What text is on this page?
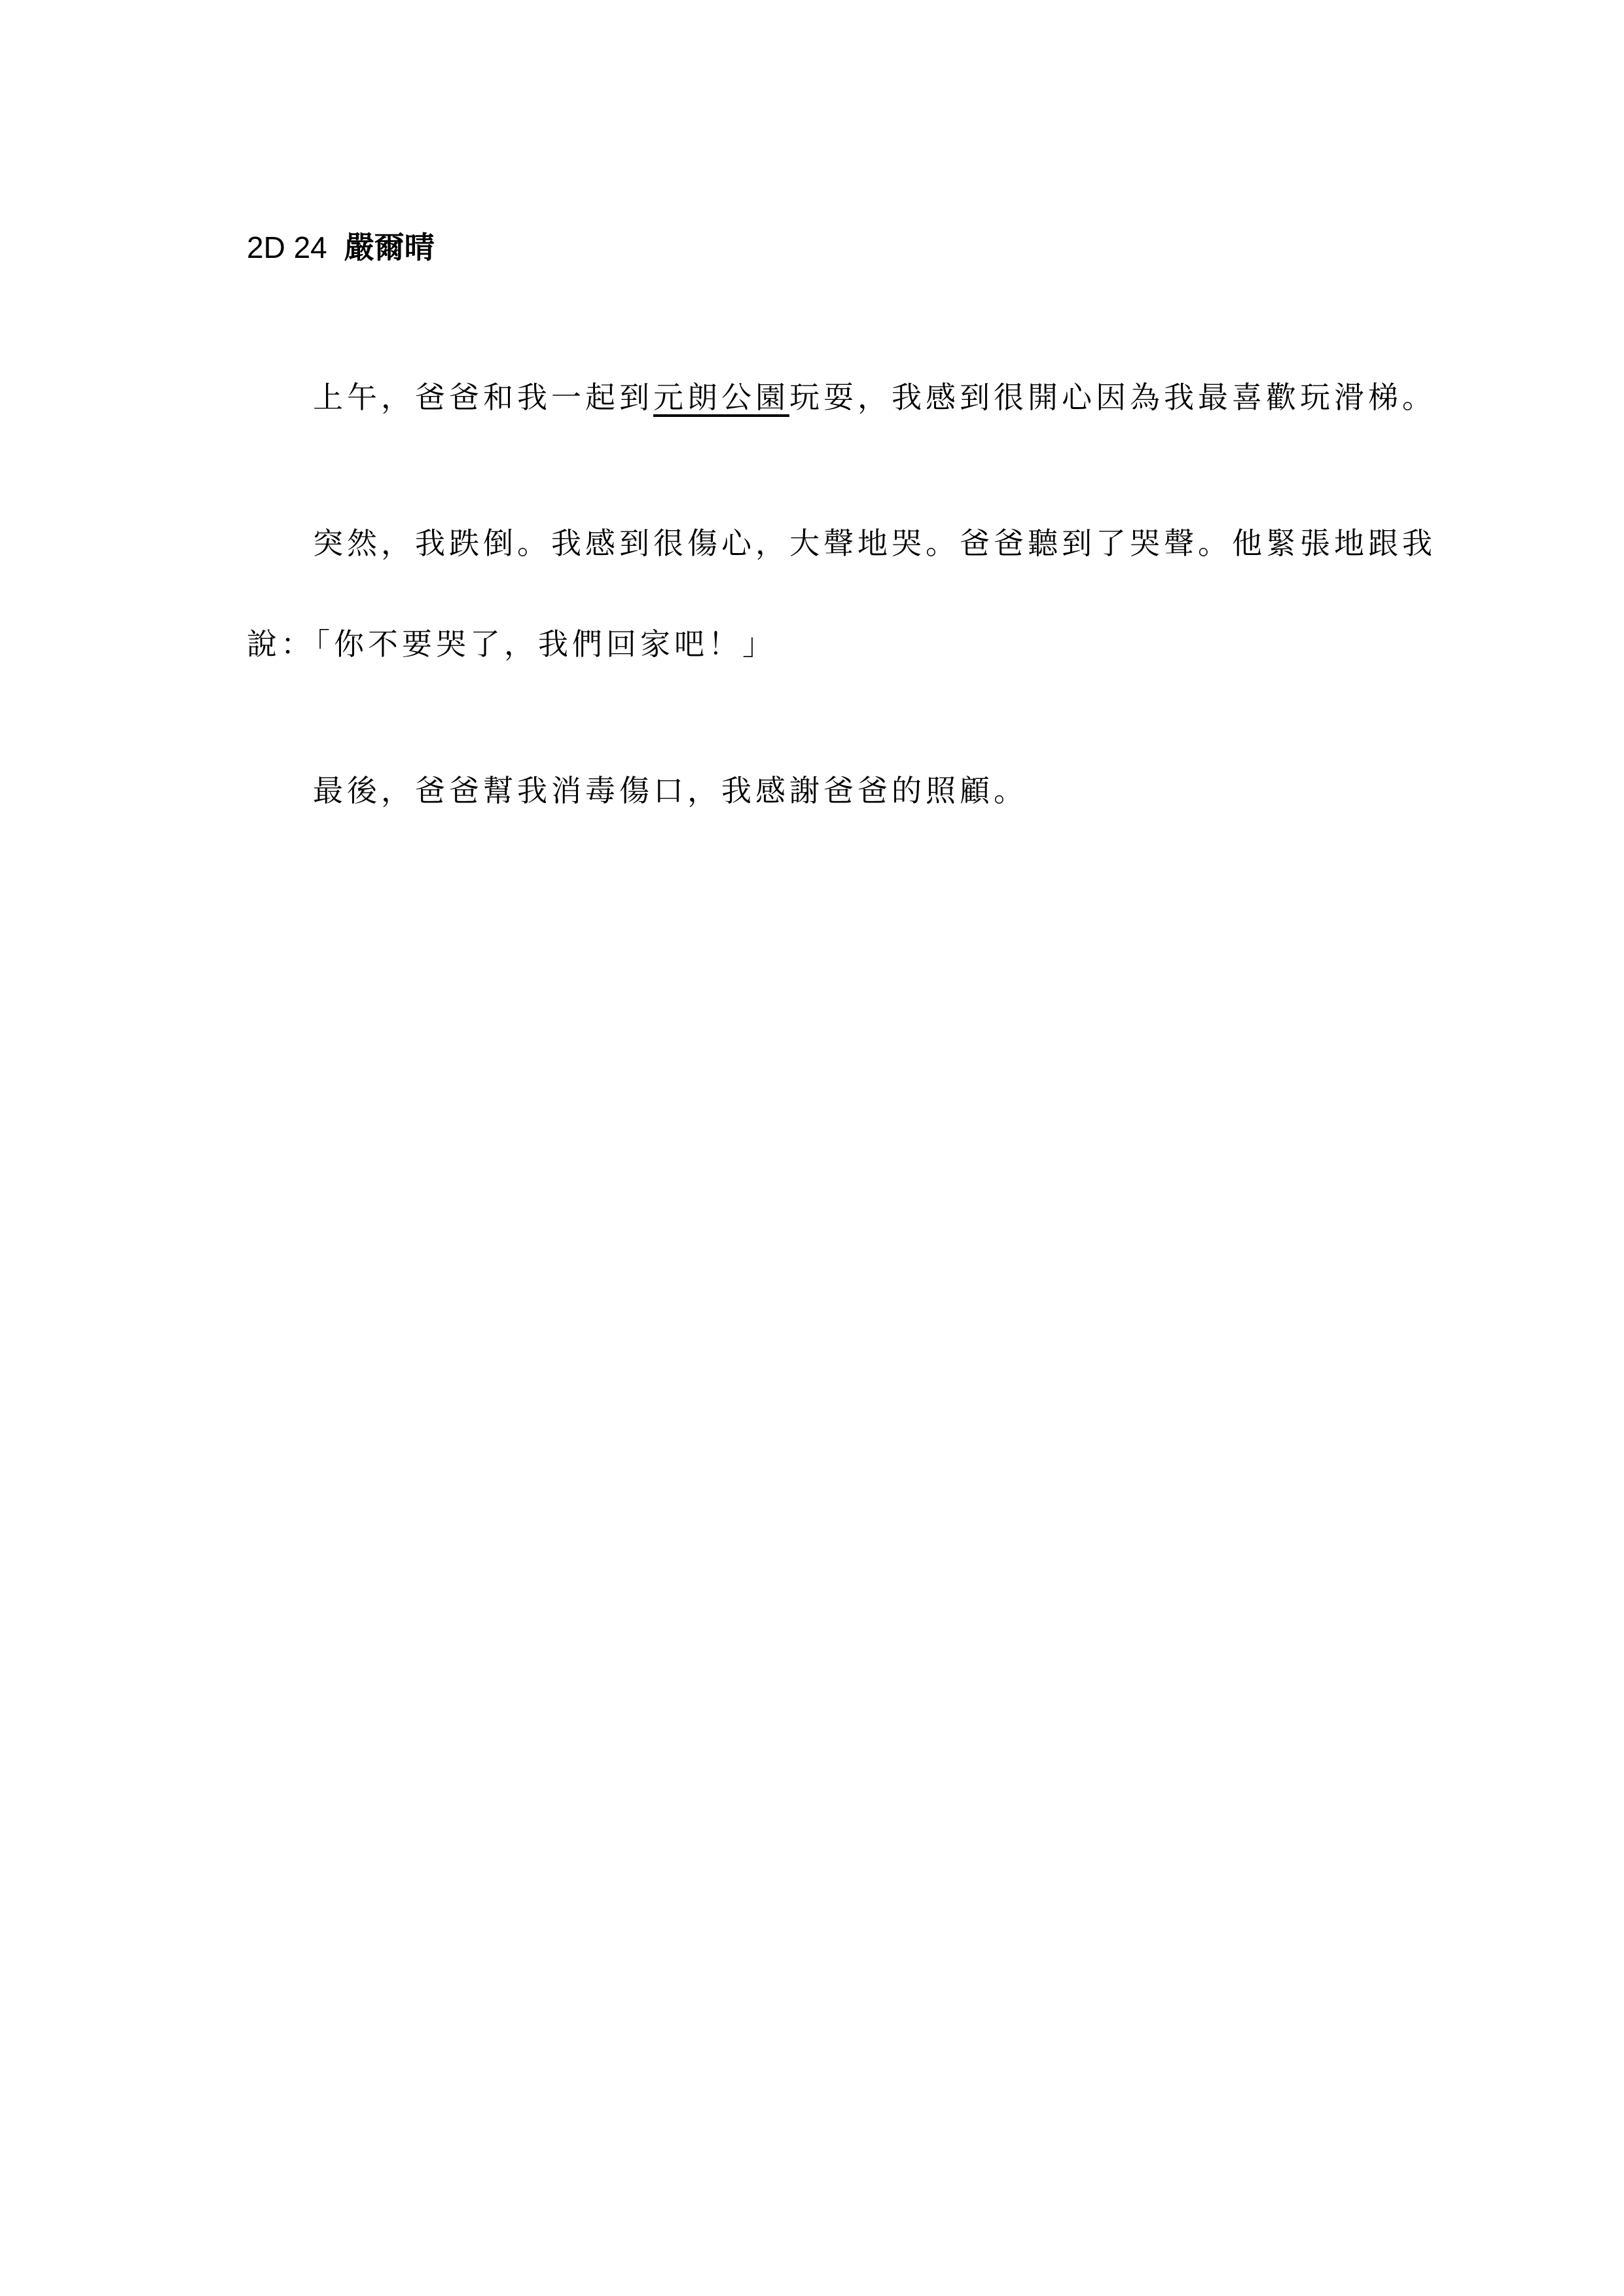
2D 24 嚴爾晴
上午，爸爸和我一起到元朗公園玩耍，我感到很開心因為我最喜歡玩滑梯。
突然，我跌倒。我感到很傷心，大聲地哭。爸爸聽到了哭聲。他緊張地跟我
說：「你不要哭了，我們回家吧！」
最後，爸爸幫我消毒傷口，我感謝爸爸的照顧。
